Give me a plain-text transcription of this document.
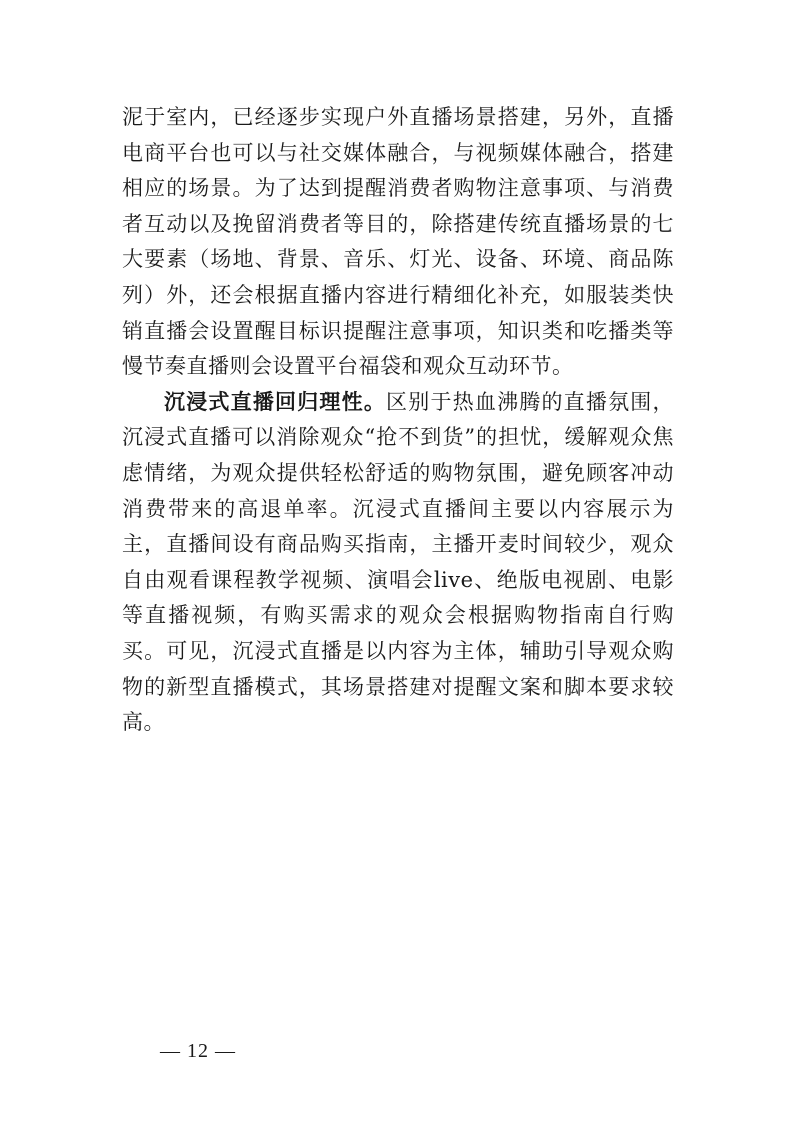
泥于室内，已经逐步实现户外直播场景搭建，另外，直播电商平台也可以与社交媒体融合，与视频媒体融合，搭建相应的场景。为了达到提醒消费者购物注意事项、与消费者互动以及挽留消费者等目的，除搭建传统直播场景的七大要素（场地、背景、音乐、灯光、设备、环境、商品陈列）外，还会根据直播内容进行精细化补充，如服装类快销直播会设置醒目标识提醒注意事项，知识类和吃播类等慢节奏直播则会设置平台福袋和观众互动环节。

沉浸式直播回归理性。区别于热血沸腾的直播氛围，沉浸式直播可以消除观众“抢不到货”的担忧，缓解观众焦虑情绪，为观众提供轻松舒适的购物氛围，避免顾客冲动消费带来的高退单率。沉浸式直播间主要以内容展示为主，直播间设有商品购买指南，主播开麦时间较少，观众自由观看课程教学视频、演唱会live、绝版电视剧、电影等直播视频，有购买需求的观众会根据购物指南自行购买。可见，沉浸式直播是以内容为主体，辅助引导观众购物的新型直播模式，其场景搭建对提醒文案和脚本要求较高。

— 12 —
